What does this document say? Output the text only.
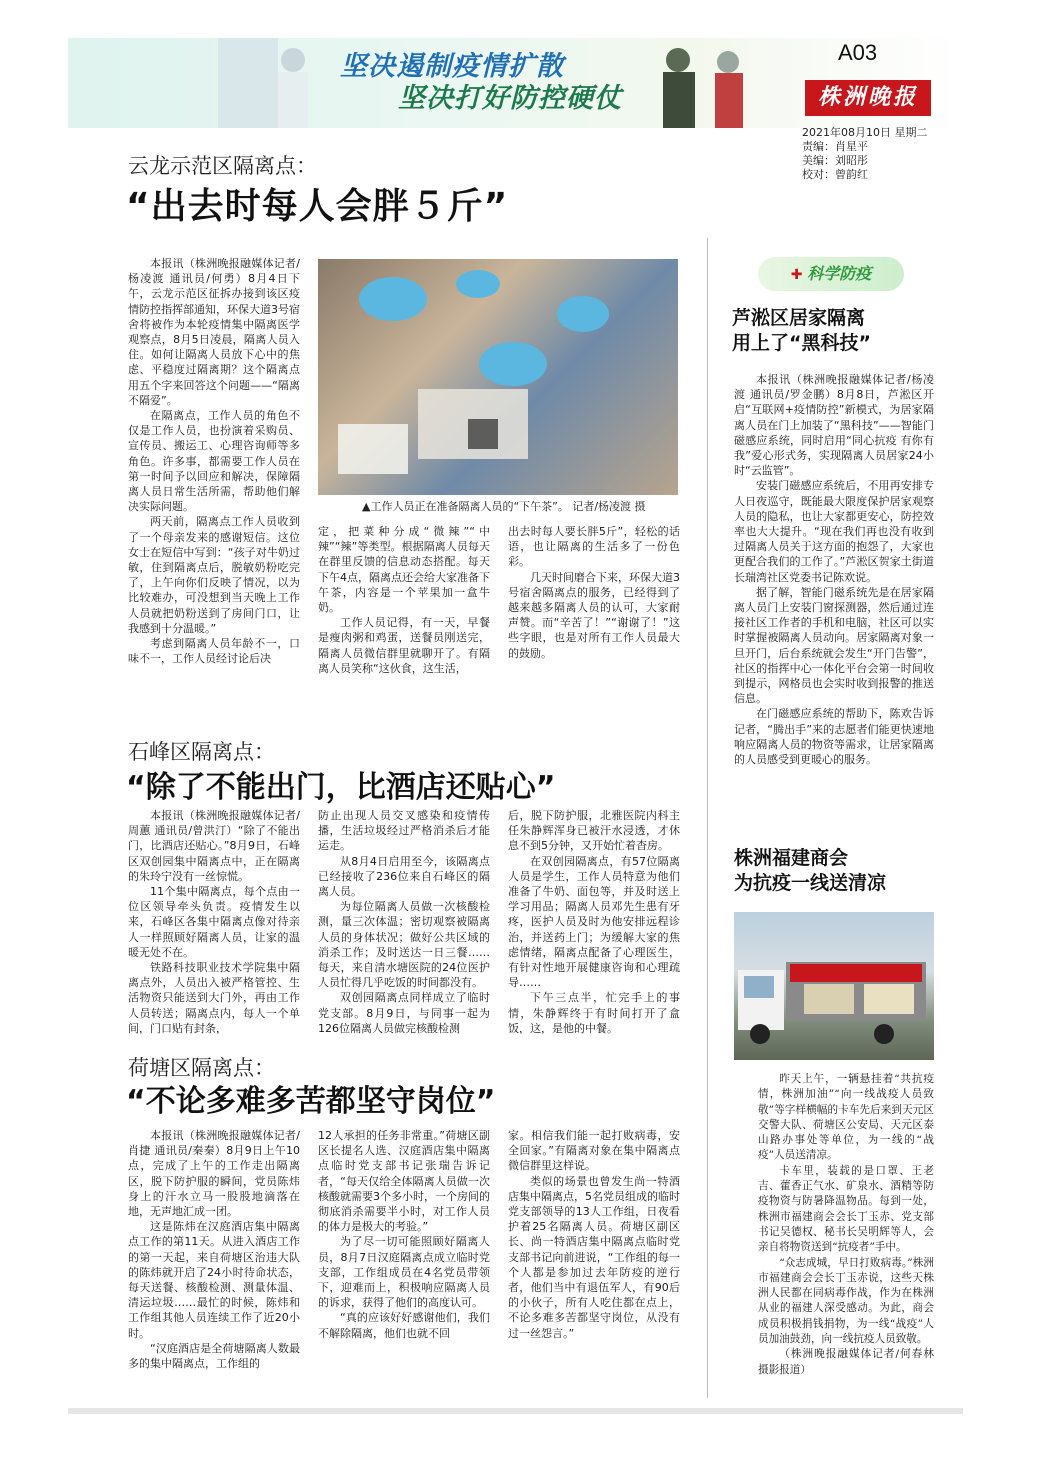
坚决遏制疫情扩散
坚决打好防控硬仗
A03
株洲晚报
2021年08月10日 星期二
责编：肖星平
美编：刘昭彤
校对：曾韵红
云龙示范区隔离点：
“出去时每人会胖５斤”

本报讯（株洲晚报融媒体记者/杨凌渡 通讯员/何勇）8月4日下午，云龙示范区征拆办接到该区疫情防控指挥部通知，环保大道3号宿舍将被作为本轮疫情集中隔离医学观察点，8月5日凌晨，隔离人员入住。如何让隔离人员放下心中的焦虑、平稳度过隔离期？这个隔离点用五个字来回答这个问题——“隔离不隔爱”。

在隔离点，工作人员的角色不仅是工作人员，也扮演着采购员、宣传员、搬运工、心理咨询师等多角色。许多事，都需要工作人员在第一时间予以回应和解决，保障隔离人员日常生活所需，帮助他们解决实际问题。

两天前，隔离点工作人员收到了一个母亲发来的感谢短信。这位女士在短信中写到：“孩子对牛奶过敏，住到隔离点后，脱敏奶粉吃完了，上午向你们反映了情况，以为比较难办，可没想到当天晚上工作人员就把奶粉送到了房间门口，让我感到十分温暖。”

考虑到隔离人员年龄不一，口味不一，工作人员经讨论后决

▲工作人员正在准备隔离人员的“下午茶”。 记者/杨凌渡 摄

定，把菜种分成“微辣”“中辣”“辣”等类型。根据隔离人员每天在群里反馈的信息动态搭配。每天下午4点，隔离点还会给大家准备下午茶，内容是一个苹果加一盒牛奶。

工作人员记得，有一天，早餐是瘦肉粥和鸡蛋，送餐员刚送完，隔离人员微信群里就聊开了。有隔离人员笑称“这伙食，这生活，

出去时每人要长胖5斤”，轻松的话语，也让隔离的生活多了一份色彩。

几天时间磨合下来，环保大道3号宿舍隔离点的服务，已经得到了越来越多隔离人员的认可，大家耐声赞。而“辛苦了！”“谢谢了！”这些字眼，也是对所有工作人员最大的鼓励。

石峰区隔离点：
“除了不能出门，比酒店还贴心”

本报讯（株洲晚报融媒体记者/周蕙 通讯员/曾洪汀）“除了不能出门，比酒店还贴心。”8月9日，石峰区双创园集中隔离点中，正在隔离的朱玲宁没有一丝惊慌。

11个集中隔离点，每个点由一位区领导牵头负责。疫情发生以来，石峰区各集中隔离点像对待亲人一样照顾好隔离人员，让家的温暖无处不在。

铁路科技职业技术学院集中隔离点外，人员出入被严格管控、生活物资只能送到大门外，再由工作人员转送；隔离点内，每人一个单间，门口贴有封条，

防止出现人员交叉感染和疫情传播，生活垃圾经过严格消杀后才能运走。

从8月4日启用至今，该隔离点已经接收了236位来自石峰区的隔离人员。

为每位隔离人员做一次核酸检测，量三次体温；密切观察被隔离人员的身体状况；做好公共区域的消杀工作；及时送达一日三餐……每天，来自清水塘医院的24位医护人员忙得几乎吃饭的时间都没有。

双创园隔离点同样成立了临时党支部。8月9日，与同事一起为126位隔离人员做完核酸检测

后，脱下防护服，北雅医院内科主任朱静辉浑身已被汗水浸透，才休息不到5分钟，又开始忙着杳房。

在双创园隔离点，有57位隔离人员是学生，工作人员特意为他们准备了牛奶、面包等，并及时送上学习用品；隔离人员邓先生患有牙疼，医护人员及时为他安排远程诊治，并送药上门；为缓解大家的焦虑情绪，隔离点配备了心理医生，有针对性地开展健康咨询和心理疏导……

下午三点半，忙完手上的事情，朱静辉终于有时间打开了盒饭，这，是他的中餐。

荷塘区隔离点：
“不论多难多苦都坚守岗位”

本报讯（株洲晚报融媒体记者/肖捷 通讯员/秦秦）8月9日上午10点，完成了上午的工作走出隔离区，脱下防护服的瞬间，党员陈炜身上的汗水立马一股股地滴落在地，无声地汇成一团。

这是陈炜在汉庭酒店集中隔离点工作的第11天。从进入酒店工作的第一天起，来自荷塘区治违大队的陈炜就开启了24小时待命状态，每天送餐、核酸检测、测量体温、清运垃圾……最忙的时候，陈炜和工作组其他人员连续工作了近20小时。

“汉庭酒店是全荷塘隔离人数最多的集中隔离点，工作组的

12人承担的任务非常重。”荷塘区副区长提名人选、汉庭酒店集中隔离点临时党支部书记张瑞告诉记者，“每天仅给全体隔离人员做一次核酸就需要3个多小时，一个房间的彻底消杀需要半小时，对工作人员的体力是极大的考验。”

为了尽一切可能照顾好隔离人员，8月7日汉庭隔离点成立临时党支部，工作组成员在4名党员带领下，迎难而上，积极响应隔离人员的诉求，获得了他们的高度认可。

“真的应该好好感谢他们，我们不解除隔离，他们也就不回

家。相信我们能一起打败病毒，安全回家。”有隔离对象在集中隔离点微信群里这样说。

类似的场景也曾发生尚一特酒店集中隔离点，5名党员组成的临时党支部领导的13人工作组，日夜看护着25名隔离人员。荷塘区副区长、尚一特酒店集中隔离点临时党支部书记向前进说，“工作组的每一个人都是参加过去年防疫的逆行者，他们当中有退伍军人，有90后的小伙子，所有人吃住都在点上，不论多难多苦都坚守岗位，从没有过一丝怨言。”

✚ 科学防疫
芦淞区居家隔离
用上了“黑科技”

本报讯（株洲晚报融媒体记者/杨凌渡 通讯员/罗金鹏）8月8日，芦淞区开启“互联网+疫情防控”新模式，为居家隔离人员在门上加装了“黑科技”——智能门磁感应系统，同时启用“同心抗疫 有你有我”爱心形式务，实现隔离人员居家24小时“云监管”。

安装门磁感应系统后，不用再安排专人日夜巡守，既能最大限度保护居家观察人员的隐私，也让大家都更安心，防控效率也大大提升。“现在我们再也没有收到过隔离人员关于这方面的抱怨了，大家也更配合我们的工作了。”芦淞区贺家土街道长瑞湾社区党委书记陈欢说。

据了解，智能门磁系统先是在居家隔离人员门上安装门窗探测器，然后通过连接社区工作者的手机和电脑，社区可以实时掌握被隔离人员动向。居家隔离对象一旦开门，后台系统就会发生“开门告警”，社区的指挥中心一体化平台会第一时间收到提示，网格员也会实时收到报警的推送信息。

在门磁感应系统的帮助下，陈欢告诉记者，“腾出手”来的志愿者们能更快速地响应隔离人员的物资等需求，让居家隔离的人员感受到更暖心的服务。

株洲福建商会
为抗疫一线送清凉

昨天上午，一辆悬挂着“共抗疫情，株洲加油”“向一线战疫人员致敬”等字样横幅的卡车先后来到天元区交警大队、荷塘区公安局、天元区泰山路办事处等单位，为一线的“战疫”人员送清凉。

卡车里，装载的是口罩、王老吉、藿香正气水、矿泉水、酒精等防疫物资与防暑降温物品。每到一处，株洲市福建商会会长丁玉赤、党支部书记吴德权、秘书长吴明辉等人，会亲自将物资送到“抗疫者”手中。

“众志成城，早日打败病毒。”株洲市福建商会会长丁玉赤说，这些天株洲人民都在同病毒作战，作为在株洲从业的福建人深受感动。为此，商会成员积极捐钱捐物，为一线“战疫”人员加油鼓劲，向一线抗疫人员致敬。

（株洲晚报融媒体记者/何春林 摄影报道）
